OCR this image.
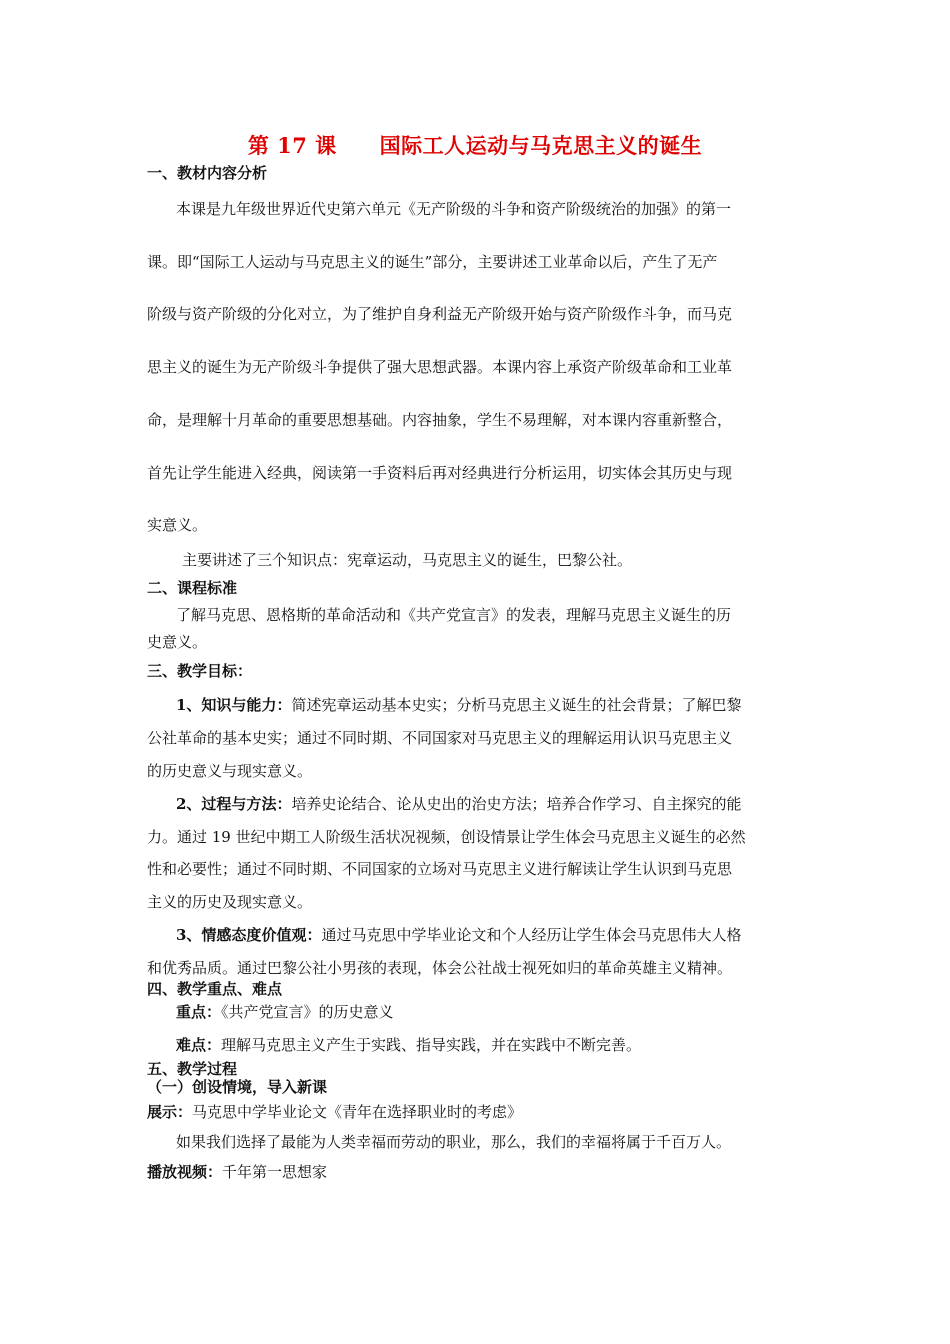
第 17 课　　国际工人运动与马克思主义的诞生
一、教材内容分析
本课是九年级世界近代史第六单元《无产阶级的斗争和资产阶级统治的加强》的第一
课。即“国际工人运动与马克思主义的诞生”部分，主要讲述工业革命以后，产生了无产
阶级与资产阶级的分化对立，为了维护自身利益无产阶级开始与资产阶级作斗争，而马克
思主义的诞生为无产阶级斗争提供了强大思想武器。本课内容上承资产阶级革命和工业革
命，是理解十月革命的重要思想基础。内容抽象，学生不易理解，对本课内容重新整合，
首先让学生能进入经典，阅读第一手资料后再对经典进行分析运用，切实体会其历史与现
实意义。
主要讲述了三个知识点：宪章运动，马克思主义的诞生，巴黎公社。
二、课程标准
了解马克思、恩格斯的革命活动和《共产党宣言》的发表，理解马克思主义诞生的历
史意义。
三、教学目标：
1、知识与能力：简述宪章运动基本史实；分析马克思主义诞生的社会背景；了解巴黎
公社革命的基本史实；通过不同时期、不同国家对马克思主义的理解运用认识马克思主义
的历史意义与现实意义。
2、过程与方法：培养史论结合、论从史出的治史方法；培养合作学习、自主探究的能
力。通过 19 世纪中期工人阶级生活状况视频，创设情景让学生体会马克思主义诞生的必然
性和必要性；通过不同时期、不同国家的立场对马克思主义进行解读让学生认识到马克思
主义的历史及现实意义。
3、情感态度价值观：通过马克思中学毕业论文和个人经历让学生体会马克思伟大人格
和优秀品质。通过巴黎公社小男孩的表现，体会公社战士视死如归的革命英雄主义精神。
四、教学重点、难点
重点：《共产党宣言》的历史意义
难点：理解马克思主义产生于实践、指导实践，并在实践中不断完善。
五、教学过程
（一）创设情境，导入新课
展示：马克思中学毕业论文《青年在选择职业时的考虑》
如果我们选择了最能为人类幸福而劳动的职业，那么，我们的幸福将属于千百万人。
播放视频：千年第一思想家
